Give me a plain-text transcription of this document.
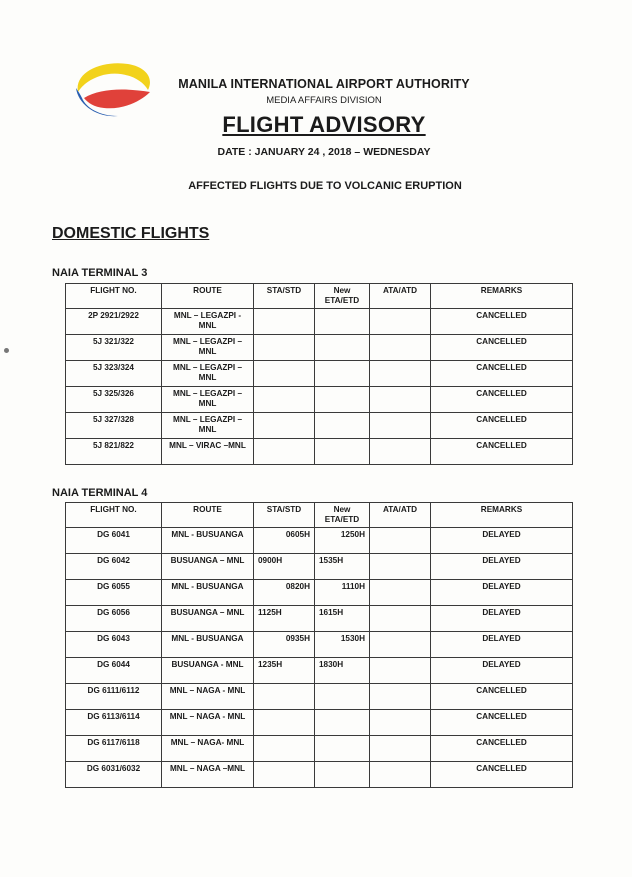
MANILA INTERNATIONAL AIRPORT AUTHORITY
MEDIA AFFAIRS DIVISION
FLIGHT ADVISORY
DATE : JANUARY 24 , 2018 – WEDNESDAY
AFFECTED FLIGHTS DUE TO VOLCANIC ERUPTION
DOMESTIC FLIGHTS
NAIA TERMINAL 3
FLIGHT NO.	ROUTE	STA/STD	New ETA/ETD	ATA/ATD	REMARKS
2P 2921/2922	MNL – LEGAZPI - MNL				CANCELLED
5J 321/322	MNL – LEGAZPI – MNL				CANCELLED
5J 323/324	MNL – LEGAZPI – MNL				CANCELLED
5J 325/326	MNL – LEGAZPI – MNL				CANCELLED
5J 327/328	MNL – LEGAZPI – MNL				CANCELLED
5J 821/822	MNL – VIRAC –MNL				CANCELLED
NAIA TERMINAL 4
FLIGHT NO.	ROUTE	STA/STD	New ETA/ETD	ATA/ATD	REMARKS
DG 6041	MNL - BUSUANGA	0605H	1250H		DELAYED
DG 6042	BUSUANGA – MNL	0900H	1535H		DELAYED
DG 6055	MNL - BUSUANGA	0820H	1110H		DELAYED
DG 6056	BUSUANGA – MNL	1125H	1615H		DELAYED
DG 6043	MNL - BUSUANGA	0935H	1530H		DELAYED
DG 6044	BUSUANGA - MNL	1235H	1830H		DELAYED
DG 6111/6112	MNL – NAGA - MNL				CANCELLED
DG 6113/6114	MNL – NAGA - MNL				CANCELLED
DG 6117/6118	MNL – NAGA- MNL				CANCELLED
DG 6031/6032	MNL – NAGA –MNL				CANCELLED
